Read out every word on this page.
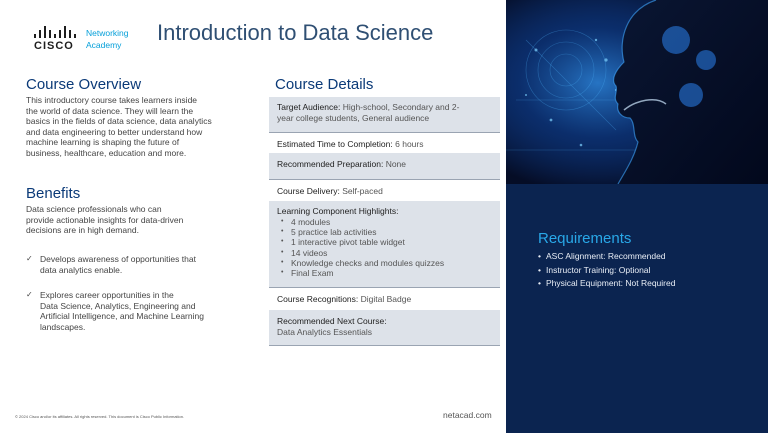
CISCO
Networking
Academy	Introduction to Data Science
Course Overview
This introductory course takes learners inside
the world of data science. They will learn the
basics in the fields of data science, data analytics
and data engineering to better understand how
machine learning is shaping the future of
business, healthcare, education and more.
Benefits
Data science professionals who can
provide actionable insights for data-driven
decisions are in high demand.
✓ Develops awareness of opportunities that
data analytics enable.
✓ Explores career opportunities in the
Data Science, Analytics, Engineering and
Artificial Intelligence, and Machine Learning
landscapes.
Course Details
Target Audience: High-school, Secondary and 2-
year college students, General audience
Estimated Time to Completion: 6 hours
Recommended Preparation: None
Course Delivery: Self-paced
Learning Component Highlights:
• 4 modules
• 5 practice lab activities
• 1 interactive pivot table widget
• 14 videos
• Knowledge checks and modules quizzes
• Final Exam
Course Recognitions: Digital Badge
Recommended Next Course:
Data Analytics Essentials
Requirements
• ASC Alignment: Recommended
• Instructor Training: Optional
• Physical Equipment: Not Required
© 2024 Cisco and/or its affiliates. All rights reserved. This document is Cisco Public Information.	netacad.com
